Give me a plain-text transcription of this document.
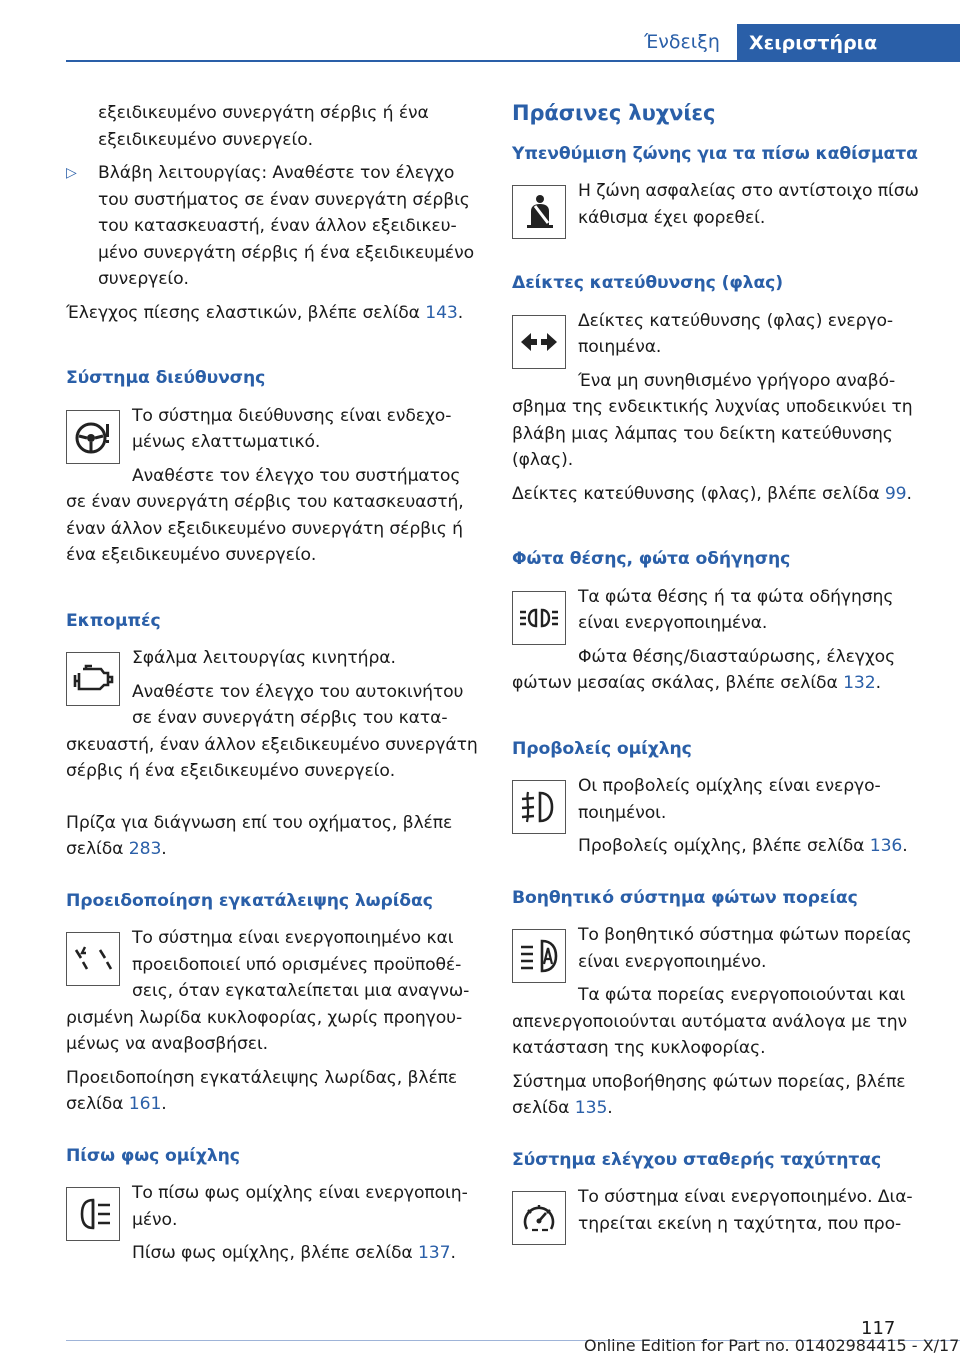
Ένδειξη	Χειριστήρια
εξειδικευμένο συνεργάτη σέρβις ή ένα εξειδικευμένο συνεργείο.
▷ Βλάβη λειτουργίας: Αναθέστε τον έλεγχο του συστήματος σε έναν συνεργάτη σέρβις του κατασκευαστή, έναν άλλον εξειδικευμένο συνεργάτη σέρβις ή ένα εξειδικευμένο συνεργείο.
Έλεγχος πίεσης ελαστικών, βλέπε σελίδα 143.
Σύστημα διεύθυνσης
Το σύστημα διεύθυνσης είναι ενδεχομένως ελαττωματικό.
Αναθέστε τον έλεγχο του συστήματος σε έναν συνεργάτη σέρβις του κατασκευαστή, έναν άλλον εξειδικευμένο συνεργάτη σέρβις ή ένα εξειδικευμένο συνεργείο.
Εκπομπές
Σφάλμα λειτουργίας κινητήρα.
Αναθέστε τον έλεγχο του αυτοκινήτου σε έναν συνεργάτη σέρβις του κατασκευαστή, έναν άλλον εξειδικευμένο συνεργάτη σέρβις ή ένα εξειδικευμένο συνεργείο.
Πρίζα για διάγνωση επί του οχήματος, βλέπε σελίδα 283.
Προειδοποίηση εγκατάλειψης λωρίδας
Το σύστημα είναι ενεργοποιημένο και προειδοποιεί υπό ορισμένες προϋποθέσεις, όταν εγκαταλείπεται μια αναγνωρισμένη λωρίδα κυκλοφορίας, χωρίς προηγουμένως να αναβοσβήσει.
Προειδοποίηση εγκατάλειψης λωρίδας, βλέπε σελίδα 161.
Πίσω φως ομίχλης
Το πίσω φως ομίχλης είναι ενεργοποιημένο.
Πίσω φως ομίχλης, βλέπε σελίδα 137.
Πράσινες λυχνίες
Υπενθύμιση ζώνης για τα πίσω καθίσματα
Η ζώνη ασφαλείας στο αντίστοιχο πίσω κάθισμα έχει φορεθεί.
Δείκτες κατεύθυνσης (φλας)
Δείκτες κατεύθυνσης (φλας) ενεργοποιημένα.
Ένα μη συνηθισμένο γρήγορο αναβόσβημα της ενδεικτικής λυχνίας υποδεικνύει τη βλάβη μιας λάμπας του δείκτη κατεύθυνσης (φλας).
Δείκτες κατεύθυνσης (φλας), βλέπε σελίδα 99.
Φώτα θέσης, φώτα οδήγησης
Τα φώτα θέσης ή τα φώτα οδήγησης είναι ενεργοποιημένα.
Φώτα θέσης/διασταύρωσης, έλεγχος φώτων μεσαίας σκάλας, βλέπε σελίδα 132.
Προβολείς ομίχλης
Οι προβολείς ομίχλης είναι ενεργοποιημένοι.
Προβολείς ομίχλης, βλέπε σελίδα 136.
Βοηθητικό σύστημα φώτων πορείας
Το βοηθητικό σύστημα φώτων πορείας είναι ενεργοποιημένο.
Τα φώτα πορείας ενεργοποιούνται και απενεργοποιούνται αυτόματα ανάλογα με την κατάσταση της κυκλοφορίας.
Σύστημα υποβοήθησης φώτων πορείας, βλέπε σελίδα 135.
Σύστημα ελέγχου σταθερής ταχύτητας
Το σύστημα είναι ενεργοποιημένο. Διατηρείται εκείνη η ταχύτητα, που προ-
117
Online Edition for Part no. 01402984415 - X/17
